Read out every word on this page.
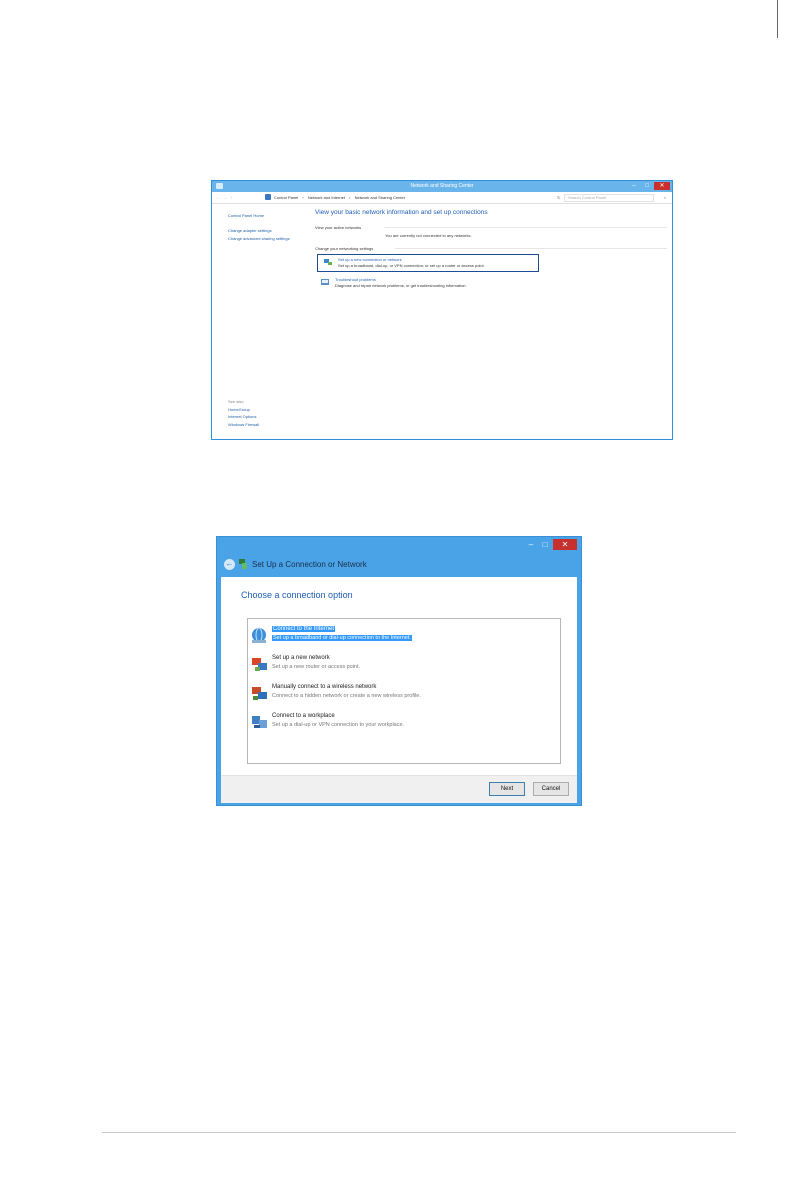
Network and Sharing Center	–	□	✕
← → ↑	Control Panel › Network and Internet › Network and Sharing Center	↻	Search Control Panel	⌕
Control Panel Home
Change adapter settings
Change advanced sharing settings
See also
HomeGroup
Internet Options
Windows Firewall
View your basic network information and set up connections
View your active networks
You are currently not connected to any networks.
Change your networking settings
Set up a new connection or network
Set up a broadband, dial-up, or VPN connection; or set up a router or access point.
Troubleshoot problems
Diagnose and repair network problems, or get troubleshooting information.
–	□	✕
← Set Up a Connection or Network
Choose a connection option
Connect to the Internet
Set up a broadband or dial-up connection to the Internet.
Set up a new network
Set up a new router or access point.
Manually connect to a wireless network
Connect to a hidden network or create a new wireless profile.
Connect to a workplace
Set up a dial-up or VPN connection to your workplace.
Next	Cancel
